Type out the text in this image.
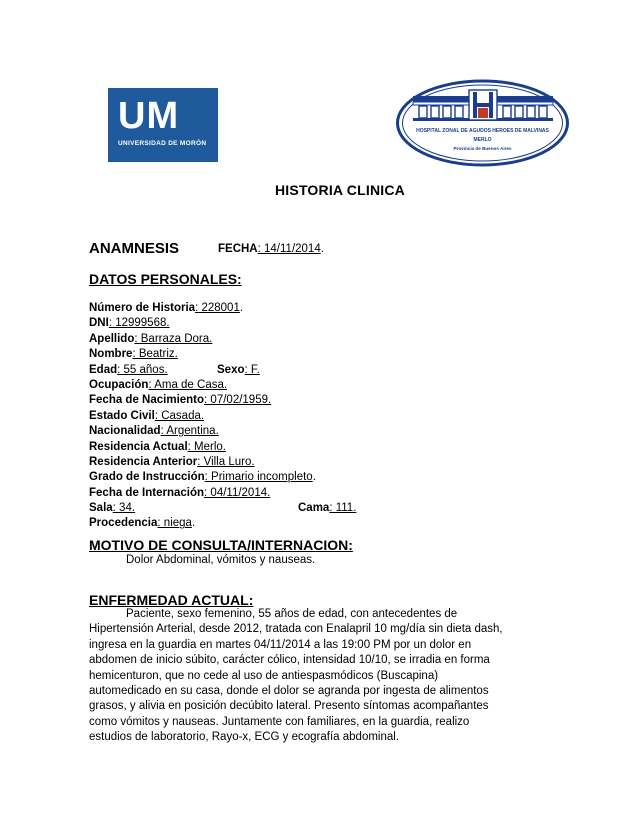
UM
UNIVERSIDAD DE MORÓN
HOSPITAL ZONAL DE AGUDOS HEROES DE MALVINAS
MERLO
Provincia de Buenos Aires
HISTORIA CLINICA
ANAMNESIS	FECHA: 14/11/2014.
DATOS PERSONALES:
Número de Historia: 228001.
DNI: 12999568.
Apellido: Barraza Dora.
Nombre: Beatriz.
Edad: 55 años.	Sexo: F.
Ocupación: Ama de Casa.
Fecha de Nacimiento: 07/02/1959.
Estado Civil: Casada.
Nacionalidad: Argentina.
Residencia Actual: Merlo.
Residencia Anterior: Villa Luro.
Grado de Instrucción: Primario incompleto.
Fecha de Internación: 04/11/2014.
Sala: 34.	Cama: 111.
Procedencia: niega.
MOTIVO DE CONSULTA/INTERNACION:
Dolor Abdominal, vómitos y nauseas.
ENFERMEDAD ACTUAL:
Paciente, sexo femenino, 55 años de edad, con antecedentes de
Hipertensión Arterial, desde 2012, tratada con Enalapril 10 mg/día sin dieta dash,
ingresa en la guardia en martes 04/11/2014 a las 19:00 PM por un dolor en
abdomen de inicio súbito, carácter cólico, intensidad 10/10, se irradia en forma
hemicenturon, que no cede al uso de antiespasmódicos (Buscapina)
automedicado en su casa, donde el dolor se agranda por ingesta de alimentos
grasos, y alivia en posición decúbito lateral. Presento síntomas acompañantes
como vómitos y nauseas. Juntamente con familiares, en la guardia, realizo
estudios de laboratorio, Rayo-x, ECG y ecografía abdominal.
